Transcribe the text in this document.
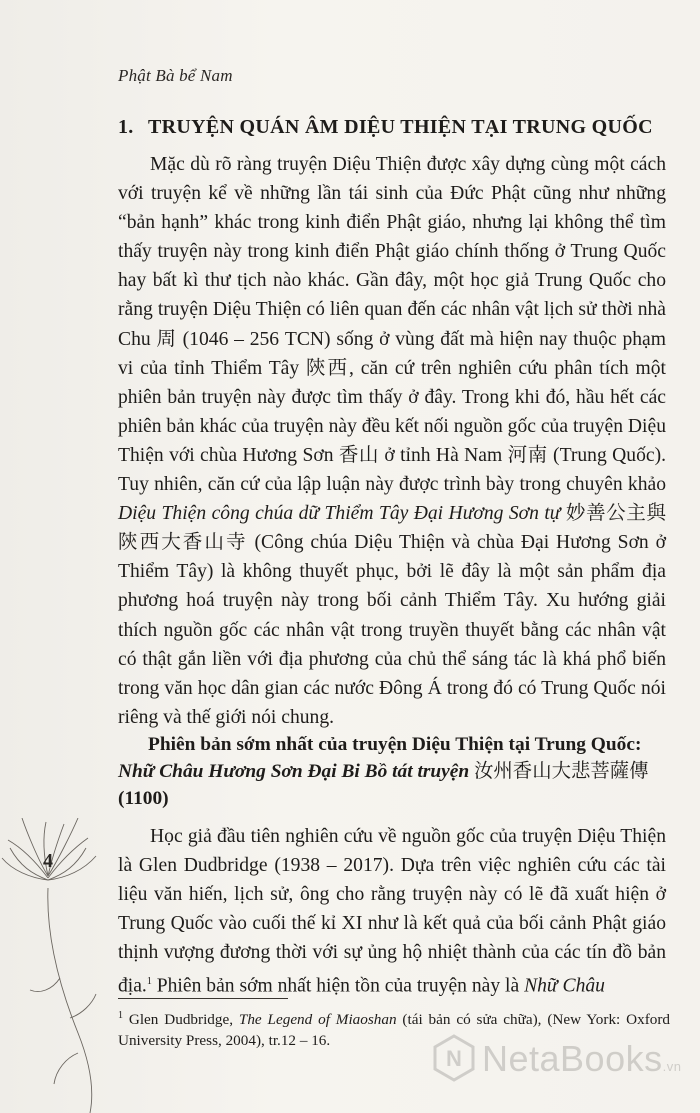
Phật Bà bể Nam
1. TRUYỆN QUÁN ÂM DIỆU THIỆN TẠI TRUNG QUỐC

Mặc dù rõ ràng truyện Diệu Thiện được xây dựng cùng một cách với truyện kể về những lần tái sinh của Đức Phật cũng như những “bản hạnh” khác trong kinh điển Phật giáo, nhưng lại không thể tìm thấy truyện này trong kinh điển Phật giáo chính thống ở Trung Quốc hay bất kì thư tịch nào khác. Gần đây, một học giả Trung Quốc cho rằng truyện Diệu Thiện có liên quan đến các nhân vật lịch sử thời nhà Chu 周 (1046 – 256 TCN) sống ở vùng đất mà hiện nay thuộc phạm vi của tỉnh Thiểm Tây 陝西, căn cứ trên nghiên cứu phân tích một phiên bản truyện này được tìm thấy ở đây. Trong khi đó, hầu hết các phiên bản khác của truyện này đều kết nối nguồn gốc của truyện Diệu Thiện với chùa Hương Sơn 香山 ở tỉnh Hà Nam 河南 (Trung Quốc). Tuy nhiên, căn cứ của lập luận này được trình bày trong chuyên khảo Diệu Thiện công chúa dữ Thiểm Tây Đại Hương Sơn tự 妙善公主與陝西大香山寺 (Công chúa Diệu Thiện và chùa Đại Hương Sơn ở Thiểm Tây) là không thuyết phục, bởi lẽ đây là một sản phẩm địa phương hoá truyện này trong bối cảnh Thiểm Tây. Xu hướng giải thích nguồn gốc các nhân vật trong truyền thuyết bằng các nhân vật có thật gắn liền với địa phương của chủ thể sáng tác là khá phổ biến trong văn học dân gian các nước Đông Á trong đó có Trung Quốc nói riêng và thế giới nói chung.

Phiên bản sớm nhất của truyện Diệu Thiện tại Trung Quốc:
Nhữ Châu Hương Sơn Đại Bi Bồ tát truyện 汝州香山大悲菩薩傳
(1100)

Học giả đầu tiên nghiên cứu về nguồn gốc của truyện Diệu Thiện là Glen Dudbridge (1938 – 2017). Dựa trên việc nghiên cứu các tài liệu văn hiến, lịch sử, ông cho rằng truyện này có lẽ đã xuất hiện ở Trung Quốc vào cuối thế kỉ XI như là kết quả của bối cảnh Phật giáo thịnh vượng đương thời với sự ủng hộ nhiệt thành của các tín đồ bản địa.$^1$ Phiên bản sớm nhất hiện tồn của truyện này là Nhữ Châu

$^1$ Glen Dudbridge, The Legend of Miaoshan (tái bản có sửa chữa), (New York: Oxford University Press, 2004), tr.12 – 16.
4
N NetaBooks.vn
